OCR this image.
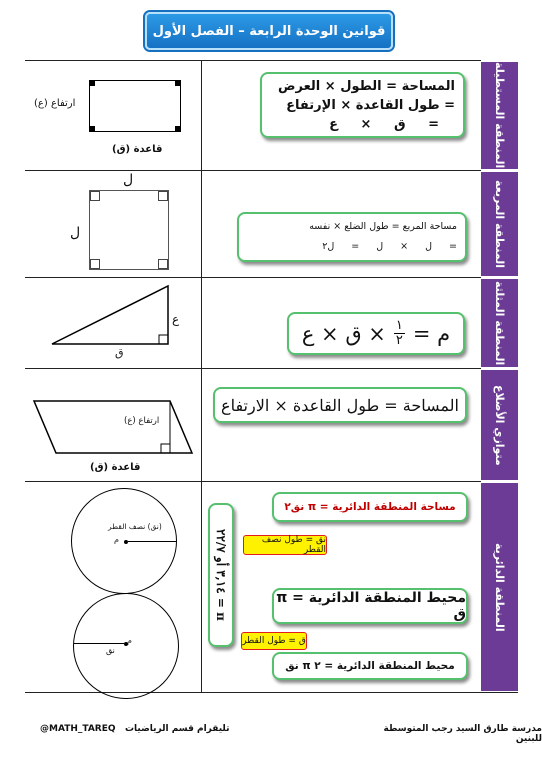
قوانين الوحدة الرابعة – الفصل الأول
المنطقة المستطيلة
المنطقة المربعة
المنطقة المثلثة
متوازي الأضلاع
المنطقة الدائرية
ارتفاع (ع)
قاعدة (ق)
المساحة = الطول × العرض
= طول القاعدة × الإرتفاع
= ق × ع
ل
ل	مساحة المربع = طول الضلع × نفسه
= ل × ل = ل٢
ع
ق
م =
١
٢
× ق × ع
ارتفاع (ع)
قاعدة (ق)
المساحة = طول القاعدة × الارتفاع
(نق) نصف القطر
م
نق
م
π = ٣,١٤ أو ٢٢/٧
مساحة المنطقة الدائرية = π نق٢
نق = طول نصف القطر
محيط المنطقة الدائرية = π ق
ق = طول القطر
محيط المنطقة الدائرية = ٢ π نق
تليقرام قسم الرياضيات
@MATH_TAREQ	مدرسة طارق السيد رجب المتوسطة للبنين
